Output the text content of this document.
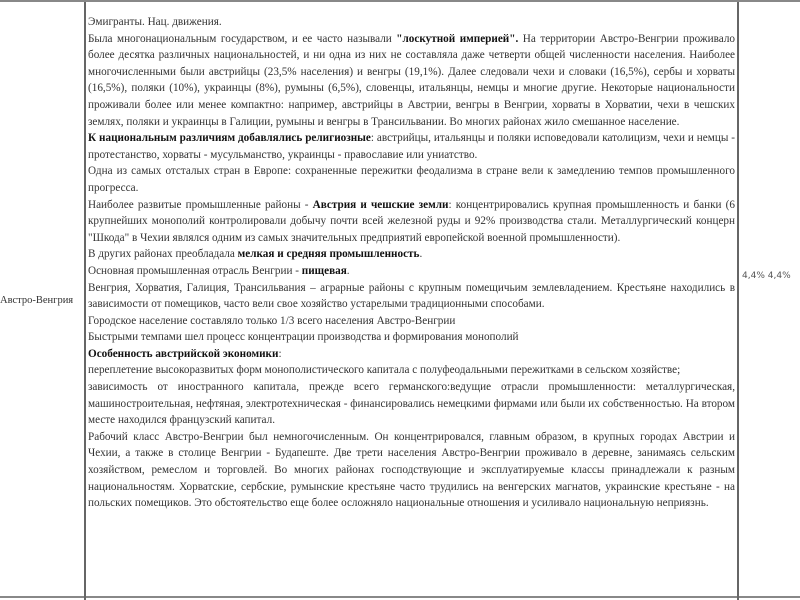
Австро-Венгрия

Эмигранты. Нац. движения.

Была многонациональным государством, и ее часто называли "лоскутной империей". На территории Австро-Венгрии проживало более десятка различных национальностей, и ни одна из них не составляла даже четверти общей численности населения. Наиболее многочисленными были австрийцы (23,5% населения) и венгры (19,1%). Далее следовали чехи и словаки (16,5%), сербы и хорваты (16,5%), поляки (10%), украинцы (8%), румыны (6,5%), словенцы, итальянцы, немцы и многие другие. Некоторые национальности проживали более или менее компактно: например, австрийцы в Австрии, венгры в Венгрии, хорваты в Хорватии, чехи в чешских землях, поляки и украинцы в Галиции, румыны и венгры в Трансильвании. Во многих районах жило смешанное население.

К национальным различиям добавлялись религиозные: австрийцы, итальянцы и поляки исповедовали католицизм, чехи и немцы - протестанство, хорваты - мусульманство, украинцы - православие или униатство.

Одна из самых отсталых стран в Европе: сохраненные пережитки феодализма в стране вели к замедлению темпов промышленного прогресса.

Наиболее развитые промышленные районы - Австрия и чешские земли: концентрировались крупная промышленность и банки (6 крупнейших монополий контролировали добычу почти всей железной руды и 92% производства стали. Металлургический концерн "Шкода" в Чехии являлся одним из самых значительных предприятий европейской военной промышленности).

В других районах преобладала мелкая и средняя промышленность.

Основная промышленная отрасль Венгрии - пищевая.

Венгрия, Хорватия, Галиция, Трансильвания – аграрные районы с крупным помещичьим землевладением. Крестьяне находились в зависимости от помещиков, часто вели свое хозяйство устарелыми традиционными способами.

Городское население составляло только 1/3 всего населения Австро-Венгрии

Быстрыми темпами шел процесс концентрации производства и формирования монополий

Особенность австрийской экономики:

переплетение высокоразвитых форм монополистического капитала с полуфеодальными пережитками в сельском хозяйстве;

зависимость от иностранного капитала, прежде всего германского:ведущие отрасли промышленности: металлургическая, машиностроительная, нефтяная, электротехническая - финансировались немецкими фирмами или были их собственностью. На втором месте находился французский капитал.

Рабочий класс Австро-Венгрии был немногочисленным. Он концентрировался, главным образом, в крупных городах Австрии и Чехии, а также в столице Венгрии - Будапеште. Две трети населения Австро-Венгрии проживало в деревне, занимаясь сельским хозяйством, ремеслом и торговлей. Во многих районах господствующие и эксплуатируемые классы принадлежали к разным национальностям. Хорватские, сербские, румынские крестьяне часто трудились на венгерских магнатов, украинские крестьяне - на польских помещиков. Это обстоятельство еще более осложняло национальные отношения и усиливало национальную неприязнь.

4,4% 4,4%
